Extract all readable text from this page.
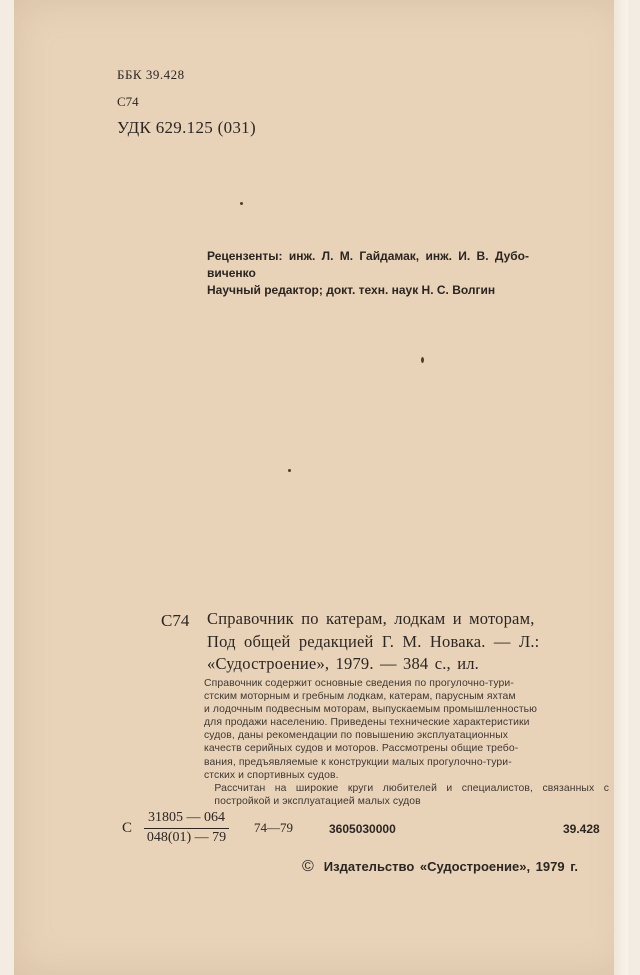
ББК 39.428
С74
УДК 629.125 (031)
Рецензенты: инж. Л. М. Гайдамак, инж. И. В. Дубо-
виченко
Научный редактор; докт. техн. наук Н. С. Волгин
С74 Справочник по катерам, лодкам и моторам,
Под общей редакцией Г. М. Новака. — Л.:
«Судостроение», 1979. — 384 с., ил.
Справочник содержит основные сведения по прогулочно-тури-
стским моторным и гребным лодкам, катерам, парусным яхтам
и лодочным подвесным моторам, выпускаемым промышленностью
для продажи населению. Приведены технические характеристики
судов, даны рекомендации по повышению эксплуатационных
качеств серийных судов и моторов. Рассмотрены общие требо-
вания, предъявляемые к конструкции малых прогулочно-тури-
стских и спортивных судов.
Рассчитан на широкие круги любителей и специалистов, связанных с постройкой и эксплуатацией малых судов
С $\frac{31805 — 064}{048(01) — 79}$ 74—79	3605030000	39.428
© Издательство «Судостроение», 1979 г.
